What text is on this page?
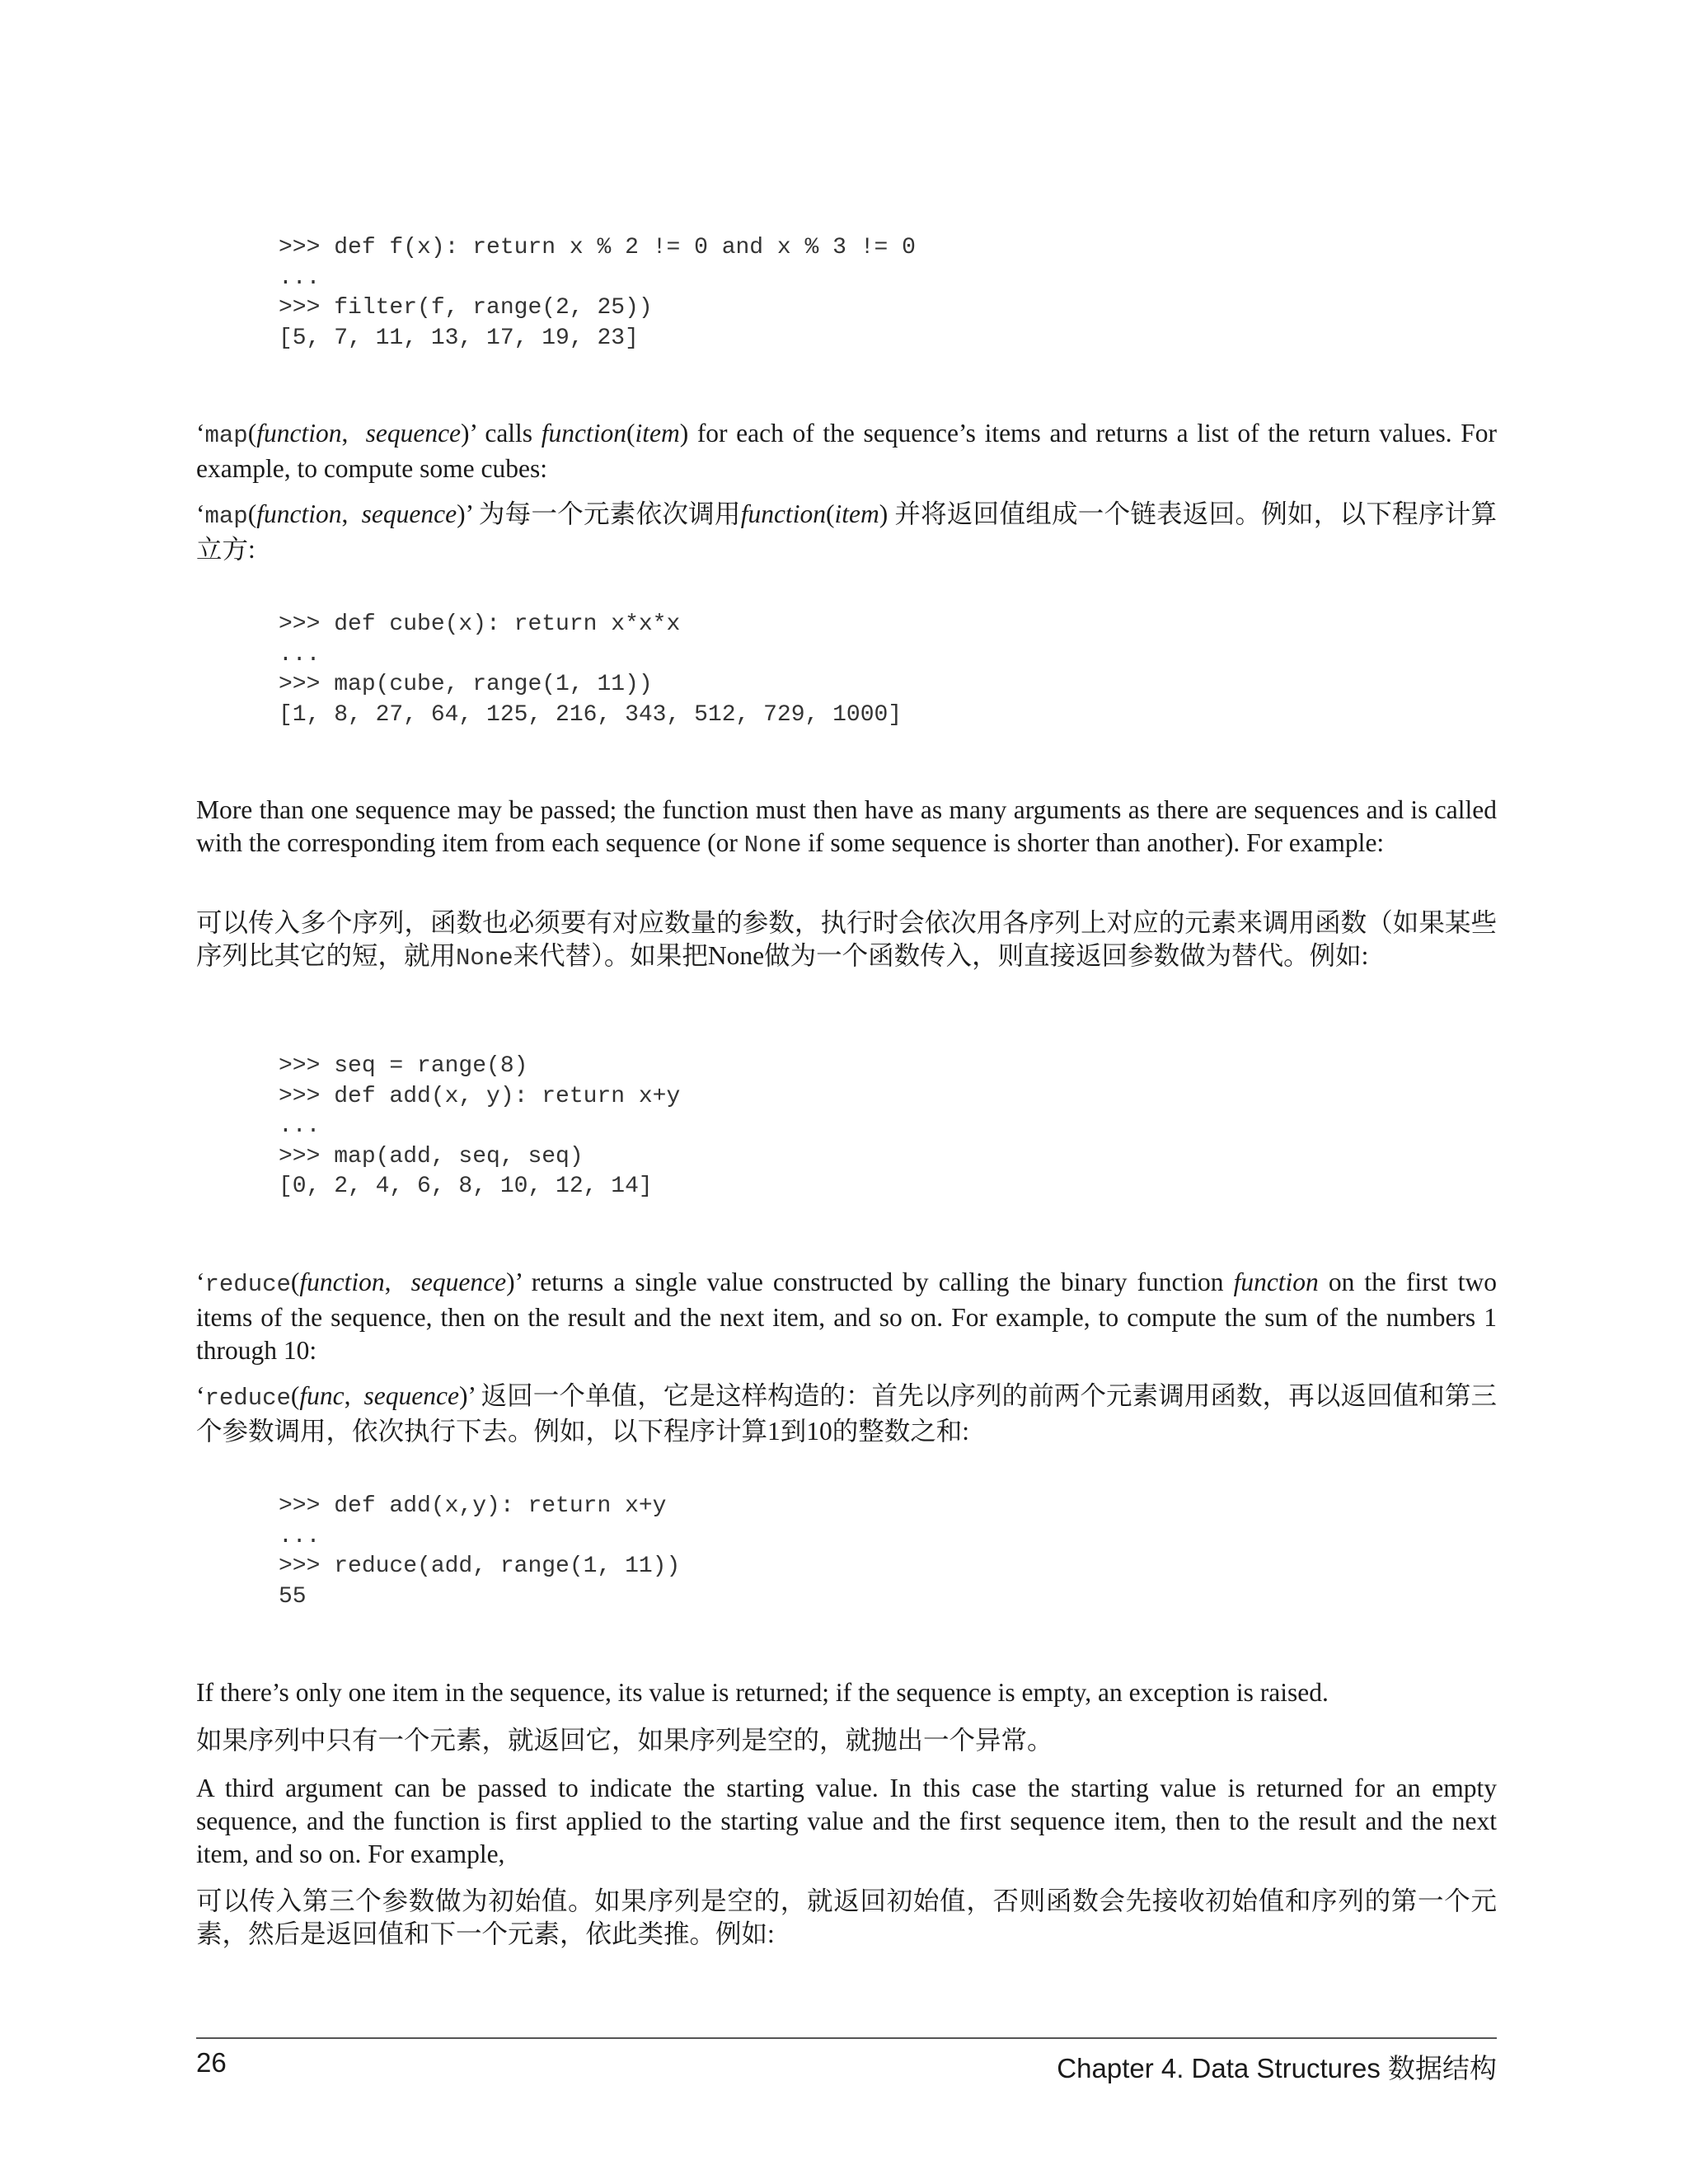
>>> def f(x): return x % 2 != 0 and x % 3 != 0
...
>>> filter(f, range(2, 25))
[5, 7, 11, 13, 17, 19, 23]

‘map(function, sequence)’ calls function(item) for each of the sequence’s items and returns a list of the return values. For example, to compute some cubes:

‘map(function, sequence)’ 为每一个元素依次调用function(item) 并将返回值组成一个链表返回。例如，以下程序计算立方:

>>> def cube(x): return x*x*x
...
>>> map(cube, range(1, 11))
[1, 8, 27, 64, 125, 216, 343, 512, 729, 1000]

More than one sequence may be passed; the function must then have as many arguments as there are sequences and is called with the corresponding item from each sequence (or None if some sequence is shorter than another). For example:

可以传入多个序列，函数也必须要有对应数量的参数，执行时会依次用各序列上对应的元素来调用函数（如果某些序列比其它的短，就用None来代替）。如果把None做为一个函数传入，则直接返回参数做为替代。例如:

>>> seq = range(8)
>>> def add(x, y): return x+y
...
>>> map(add, seq, seq)
[0, 2, 4, 6, 8, 10, 12, 14]

‘reduce(function, sequence)’ returns a single value constructed by calling the binary function function on the first two items of the sequence, then on the result and the next item, and so on. For example, to compute the sum of the numbers 1 through 10:

‘reduce(func, sequence)’ 返回一个单值，它是这样构造的：首先以序列的前两个元素调用函数，再以返回值和第三个参数调用，依次执行下去。例如，以下程序计算1到10的整数之和:

>>> def add(x,y): return x+y
...
>>> reduce(add, range(1, 11))
55

If there’s only one item in the sequence, its value is returned; if the sequence is empty, an exception is raised.

如果序列中只有一个元素，就返回它，如果序列是空的，就抛出一个异常。

A third argument can be passed to indicate the starting value. In this case the starting value is returned for an empty sequence, and the function is first applied to the starting value and the first sequence item, then to the result and the next item, and so on. For example,

可以传入第三个参数做为初始值。如果序列是空的，就返回初始值，否则函数会先接收初始值和序列的第一个元素，然后是返回值和下一个元素，依此类推。例如:

26	Chapter 4. Data Structures 数据结构
